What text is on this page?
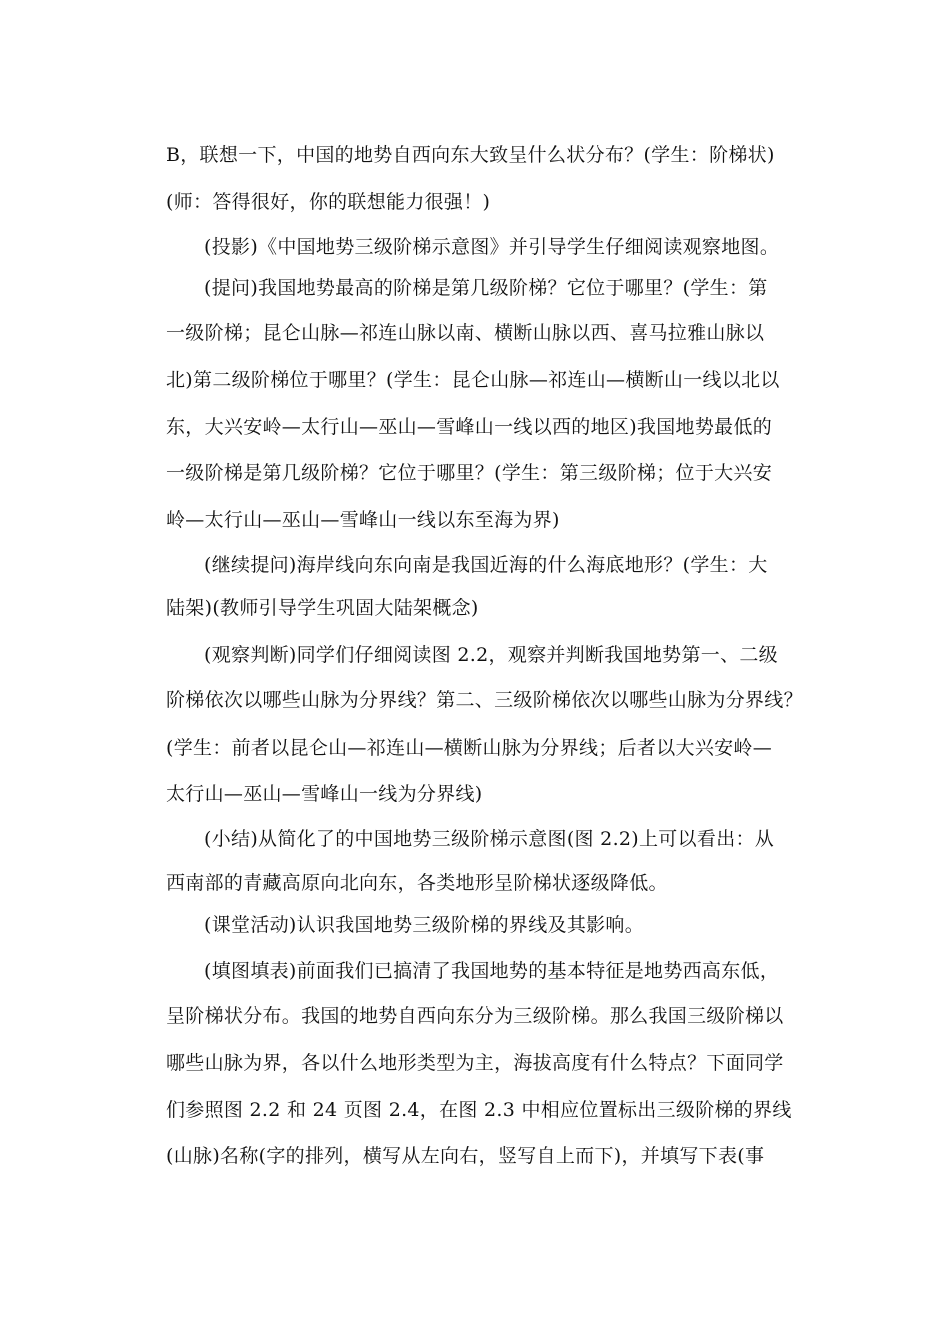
B，联想一下，中国的地势自西向东大致呈什么状分布？(学生：阶梯状)
(师：答得很好，你的联想能力很强！)
(投影)《中国地势三级阶梯示意图》并引导学生仔细阅读观察地图。
(提问)我国地势最高的阶梯是第几级阶梯？它位于哪里？(学生：第
一级阶梯；昆仑山脉—祁连山脉以南、横断山脉以西、喜马拉雅山脉以
北)第二级阶梯位于哪里？(学生：昆仑山脉—祁连山—横断山一线以北以
东，大兴安岭—太行山—巫山—雪峰山一线以西的地区)我国地势最低的
一级阶梯是第几级阶梯？它位于哪里？(学生：第三级阶梯；位于大兴安
岭—太行山—巫山—雪峰山一线以东至海为界)
(继续提问)海岸线向东向南是我国近海的什么海底地形？(学生：大
陆架)(教师引导学生巩固大陆架概念)
(观察判断)同学们仔细阅读图 2.2，观察并判断我国地势第一、二级
阶梯依次以哪些山脉为分界线？第二、三级阶梯依次以哪些山脉为分界线？
(学生：前者以昆仑山—祁连山—横断山脉为分界线；后者以大兴安岭—
太行山—巫山—雪峰山一线为分界线)
(小结)从简化了的中国地势三级阶梯示意图(图 2.2)上可以看出：从
西南部的青藏高原向北向东，各类地形呈阶梯状逐级降低。
(课堂活动)认识我国地势三级阶梯的界线及其影响。
(填图填表)前面我们已搞清了我国地势的基本特征是地势西高东低，
呈阶梯状分布。我国的地势自西向东分为三级阶梯。那么我国三级阶梯以
哪些山脉为界，各以什么地形类型为主，海拔高度有什么特点？下面同学
们参照图 2.2 和 24 页图 2.4，在图 2.3 中相应位置标出三级阶梯的界线
(山脉)名称(字的排列，横写从左向右，竖写自上而下)，并填写下表(事
